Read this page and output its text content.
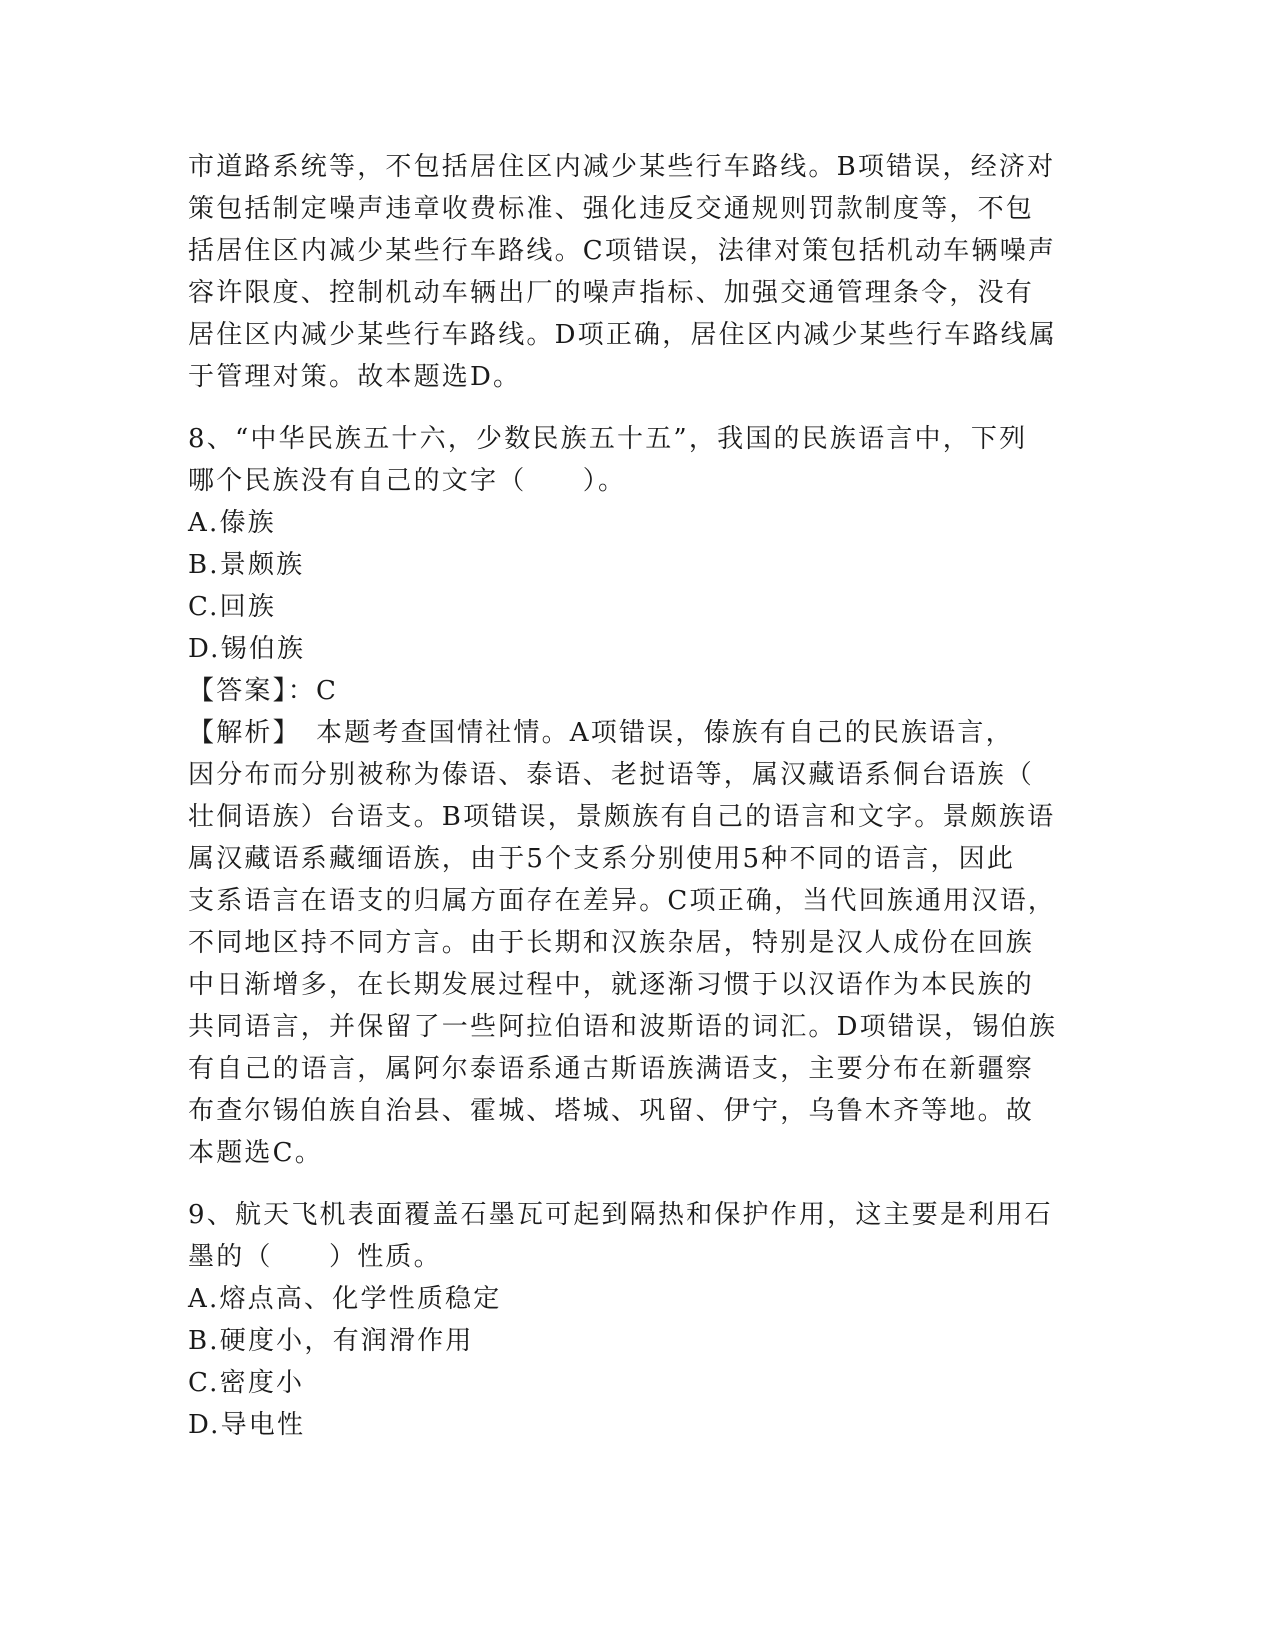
市道路系统等，不包括居住区内减少某些行车路线。B项错误，经济对
策包括制定噪声违章收费标准、强化违反交通规则罚款制度等，不包
括居住区内减少某些行车路线。C项错误，法律对策包括机动车辆噪声
容许限度、控制机动车辆出厂的噪声指标、加强交通管理条令，没有
居住区内减少某些行车路线。D项正确，居住区内减少某些行车路线属
于管理对策。故本题选D。
8、“中华民族五十六，少数民族五十五”，我国的民族语言中，下列
哪个民族没有自己的文字（　　）。
A.傣族
B.景颇族
C.回族
D.锡伯族
【答案】：C
【解析】　本题考查国情社情。A项错误，傣族有自己的民族语言，
因分布而分别被称为傣语、泰语、老挝语等，属汉藏语系侗台语族（
壮侗语族）台语支。B项错误，景颇族有自己的语言和文字。景颇族语
属汉藏语系藏缅语族，由于5个支系分别使用5种不同的语言，因此
支系语言在语支的归属方面存在差异。C项正确，当代回族通用汉语，
不同地区持不同方言。由于长期和汉族杂居，特别是汉人成份在回族
中日渐增多，在长期发展过程中，就逐渐习惯于以汉语作为本民族的
共同语言，并保留了一些阿拉伯语和波斯语的词汇。D项错误，锡伯族
有自己的语言，属阿尔泰语系通古斯语族满语支，主要分布在新疆察
布查尔锡伯族自治县、霍城、塔城、巩留、伊宁，乌鲁木齐等地。故
本题选C。
9、航天飞机表面覆盖石墨瓦可起到隔热和保护作用，这主要是利用石
墨的（　　）性质。
A.熔点高、化学性质稳定
B.硬度小，有润滑作用
C.密度小
D.导电性
